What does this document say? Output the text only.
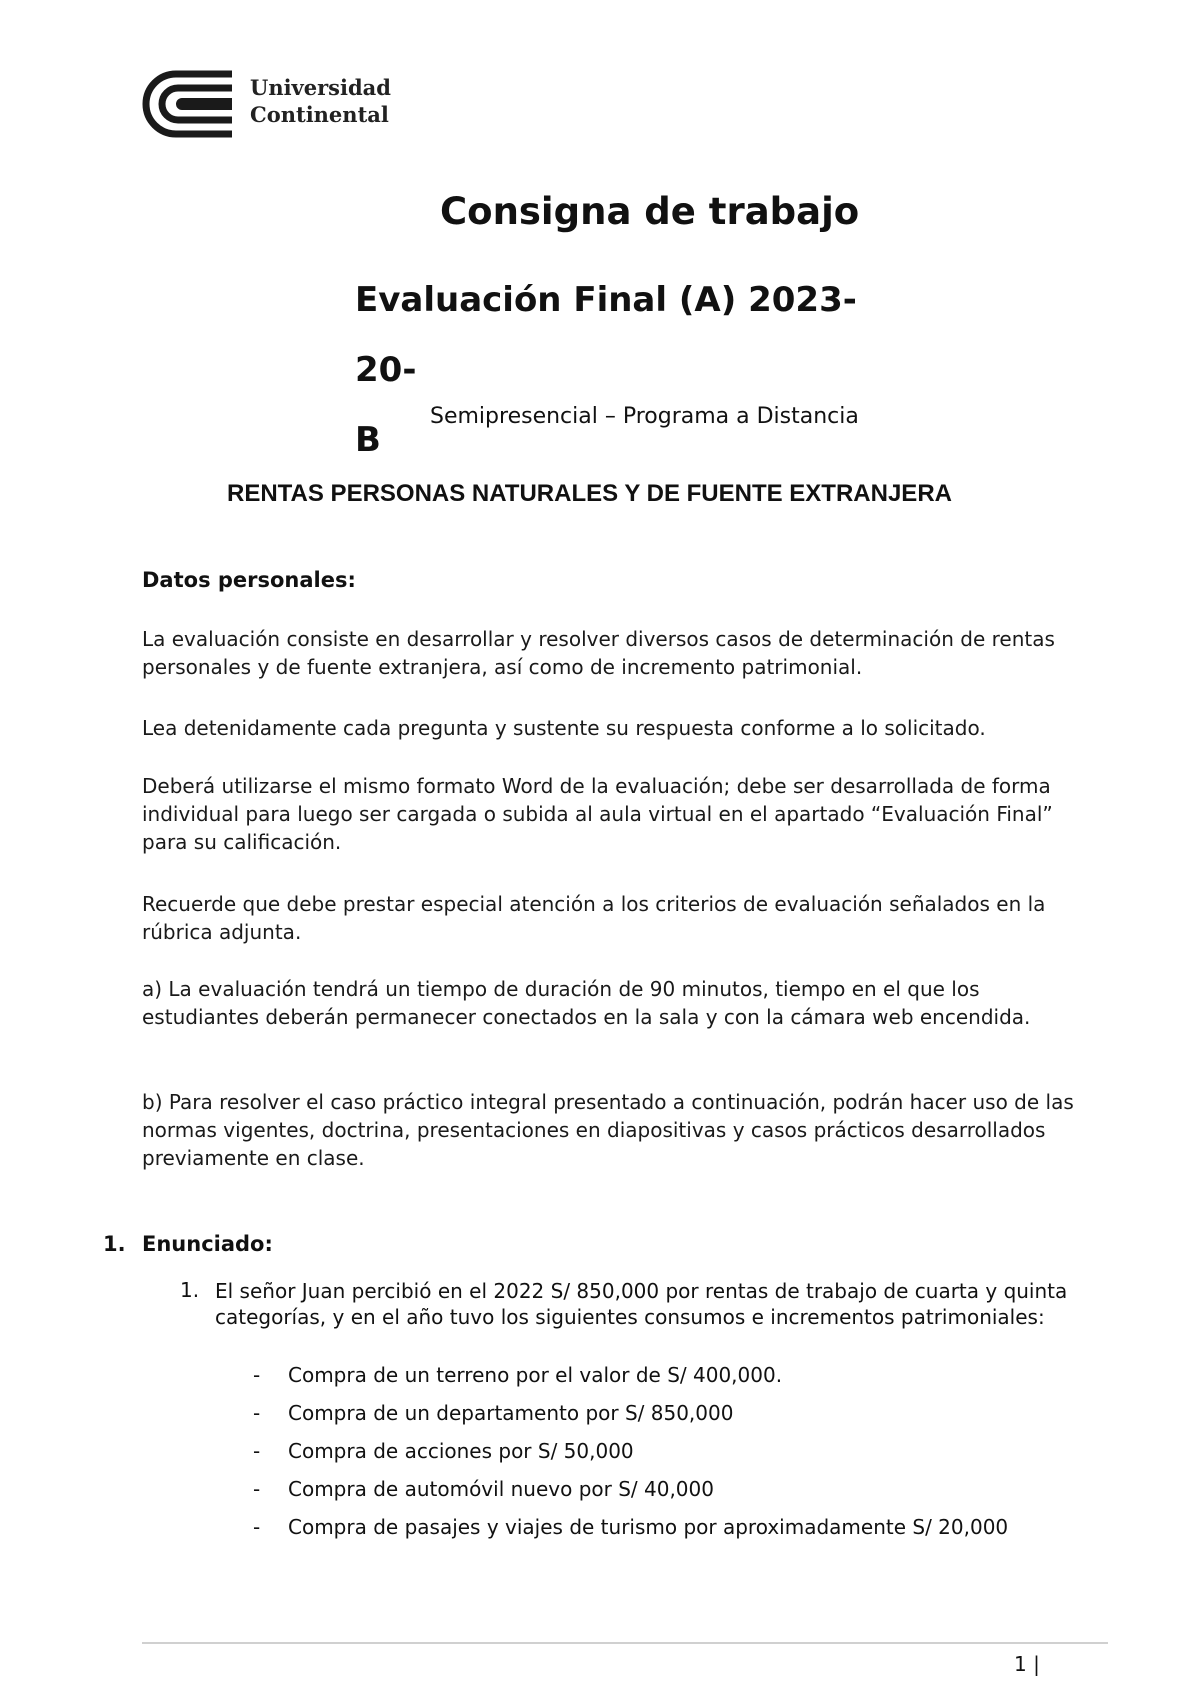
Universidad
Continental
Consigna de trabajo
Evaluación Final (A) 2023-20-
B
Semipresencial – Programa a Distancia
RENTAS PERSONAS NATURALES Y DE FUENTE EXTRANJERA
Datos personales:
La evaluación consiste en desarrollar y resolver diversos casos de determinación de rentas personales y de fuente extranjera, así como de incremento patrimonial.
Lea detenidamente cada pregunta y sustente su respuesta conforme a lo solicitado.
Deberá utilizarse el mismo formato Word de la evaluación; debe ser desarrollada de forma individual para luego ser cargada o subida al aula virtual en el apartado “Evaluación Final” para su calificación.
Recuerde que debe prestar especial atención a los criterios de evaluación señalados en la rúbrica adjunta.
a) La evaluación tendrá un tiempo de duración de 90 minutos, tiempo en el que los estudiantes deberán permanecer conectados en la sala y con la cámara web encendida.
b) Para resolver el caso práctico integral presentado a continuación, podrán hacer uso de las normas vigentes, doctrina, presentaciones en diapositivas y casos prácticos desarrollados previamente en clase.
1. Enunciado:
1. El señor Juan percibió en el 2022 S/ 850,000 por rentas de trabajo de cuarta y quinta categorías, y en el año tuvo los siguientes consumos e incrementos patrimoniales:
- Compra de un terreno por el valor de S/ 400,000.
- Compra de un departamento por S/ 850,000
- Compra de acciones por S/ 50,000
- Compra de automóvil nuevo por S/ 40,000
- Compra de pasajes y viajes de turismo por aproximadamente S/ 20,000
1 |
